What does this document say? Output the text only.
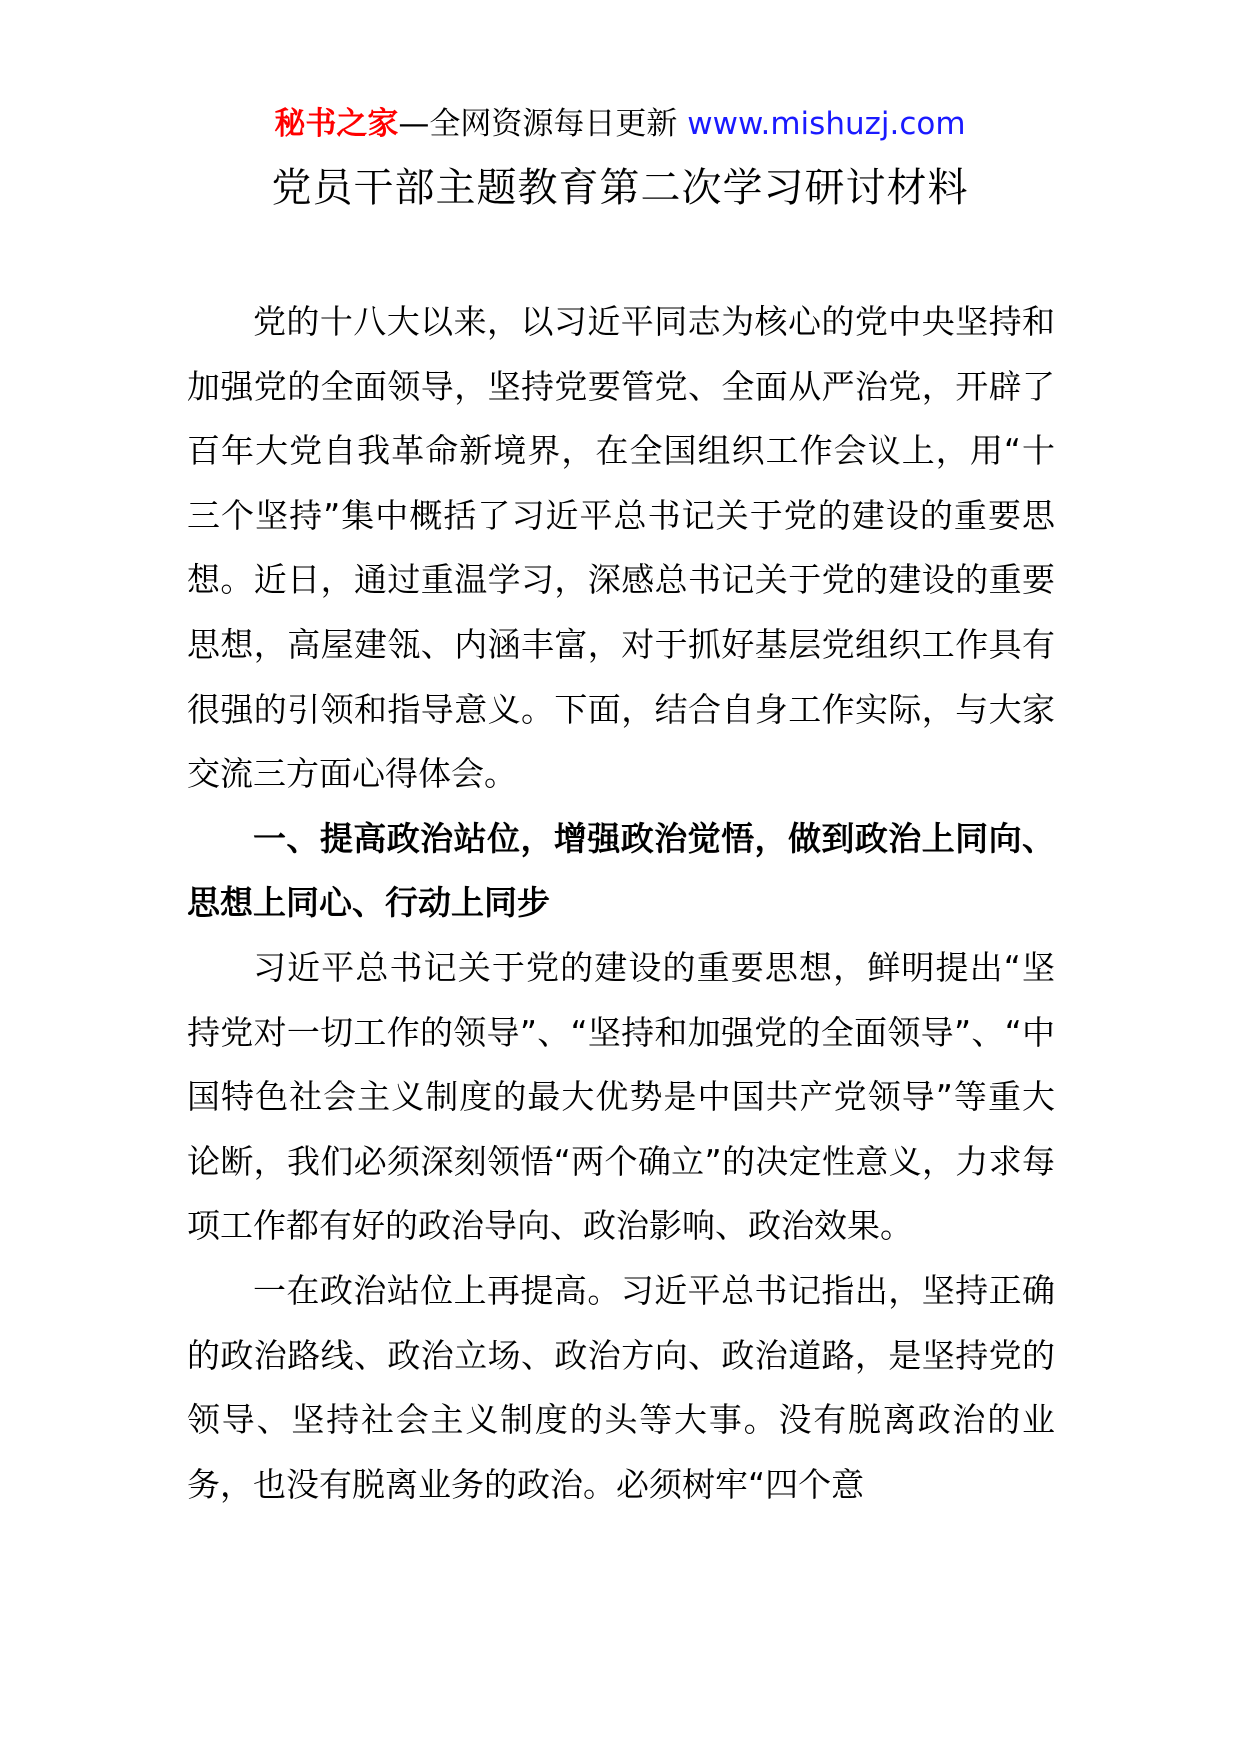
秘书之家—全网资源每日更新 www.mishuzj.com
党员干部主题教育第二次学习研讨材料

党的十八大以来，以习近平同志为核心的党中央坚持和加强党的全面领导，坚持党要管党、全面从严治党，开辟了百年大党自我革命新境界，在全国组织工作会议上，用“十三个坚持”集中概括了习近平总书记关于党的建设的重要思想。近日，通过重温学习，深感总书记关于党的建设的重要思想，高屋建瓴、内涵丰富，对于抓好基层党组织工作具有很强的引领和指导意义。下面，结合自身工作实际，与大家交流三方面心得体会。

一、提高政治站位，增强政治觉悟，做到政治上同向、思想上同心、行动上同步

习近平总书记关于党的建设的重要思想，鲜明提出“坚持党对一切工作的领导”、“坚持和加强党的全面领导”、“中国特色社会主义制度的最大优势是中国共产党领导”等重大论断，我们必须深刻领悟“两个确立”的决定性意义，力求每项工作都有好的政治导向、政治影响、政治效果。

一在政治站位上再提高。习近平总书记指出，坚持正确的政治路线、政治立场、政治方向、政治道路，是坚持党的领导、坚持社会主义制度的头等大事。没有脱离政治的业务，也没有脱离业务的政治。必须树牢“四个意
